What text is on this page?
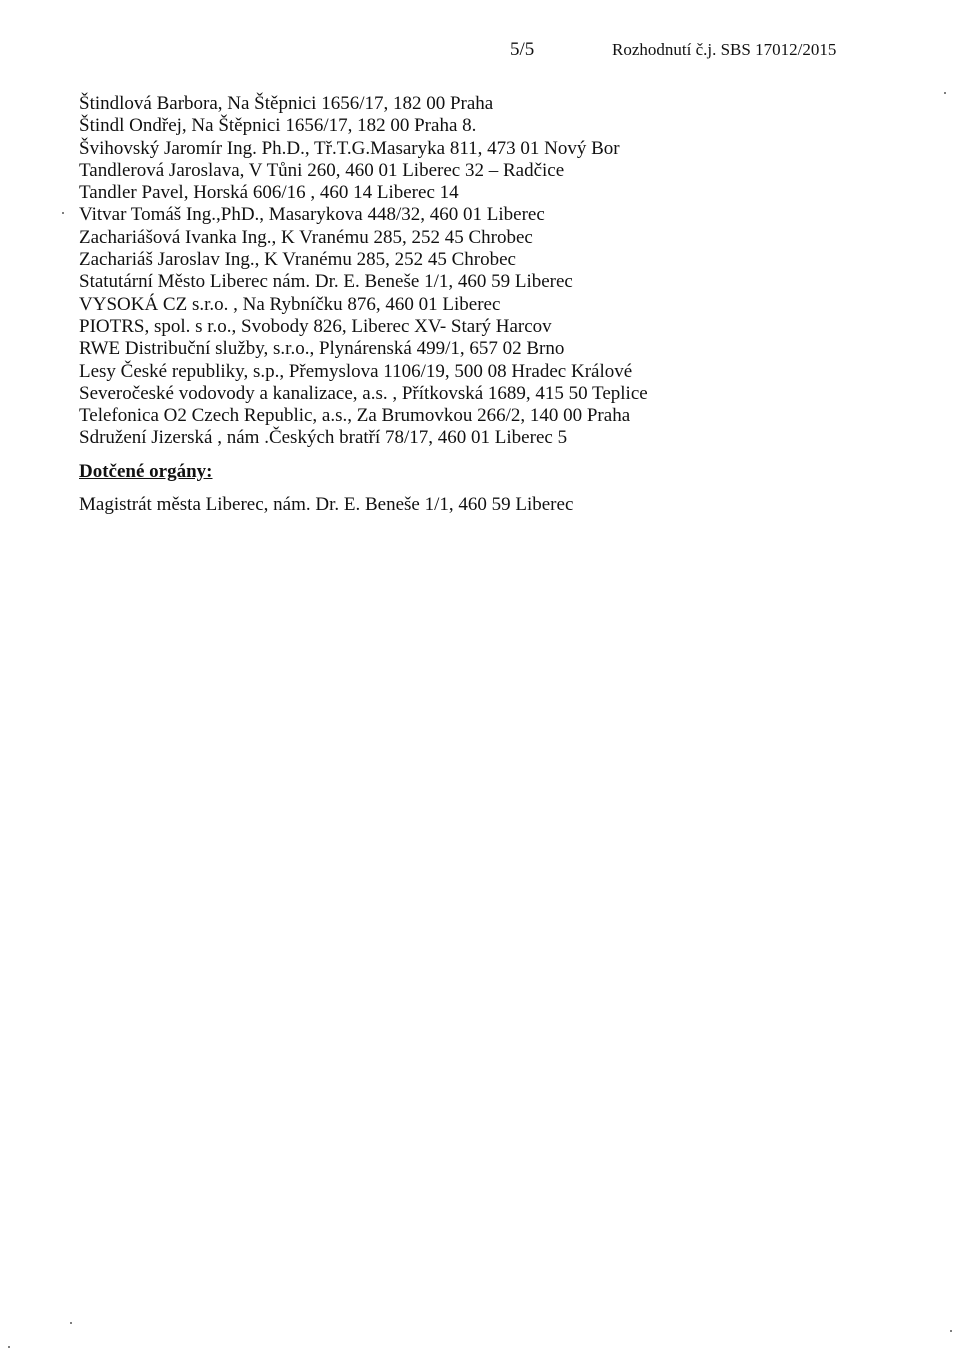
5/5	Rozhodnutí č.j. SBS 17012/2015
Štindlová Barbora, Na Štěpnici 1656/17, 182 00 Praha
Štindl Ondřej, Na Štěpnici 1656/17, 182 00 Praha 8.
Švihovský Jaromír Ing. Ph.D., Tř.T.G.Masaryka 811, 473 01 Nový Bor
Tandlerová Jaroslava, V Tůni 260, 460 01 Liberec 32 – Radčice
Tandler Pavel, Horská 606/16 , 460 14 Liberec 14
Vitvar Tomáš Ing.,PhD., Masarykova 448/32, 460 01 Liberec
Zachariášová Ivanka Ing., K Vranému 285, 252 45 Chrobec
Zachariáš Jaroslav Ing., K Vranému 285, 252 45 Chrobec
Statutární Město Liberec nám. Dr. E. Beneše 1/1, 460 59 Liberec
VYSOKÁ CZ s.r.o. , Na Rybníčku 876, 460 01 Liberec
PIOTRS, spol. s r.o., Svobody 826, Liberec XV- Starý Harcov
RWE Distribuční služby, s.r.o., Plynárenská 499/1, 657 02 Brno
Lesy České republiky, s.p., Přemyslova 1106/19, 500 08 Hradec Králové
Severočeské vodovody a kanalizace, a.s. , Přítkovská 1689, 415 50 Teplice
Telefonica O2 Czech Republic, a.s., Za Brumovkou 266/2, 140 00 Praha
Sdružení Jizerská , nám .Českých bratří 78/17, 460 01 Liberec 5
Dotčené orgány:
Magistrát města Liberec, nám. Dr. E. Beneše 1/1, 460 59 Liberec
